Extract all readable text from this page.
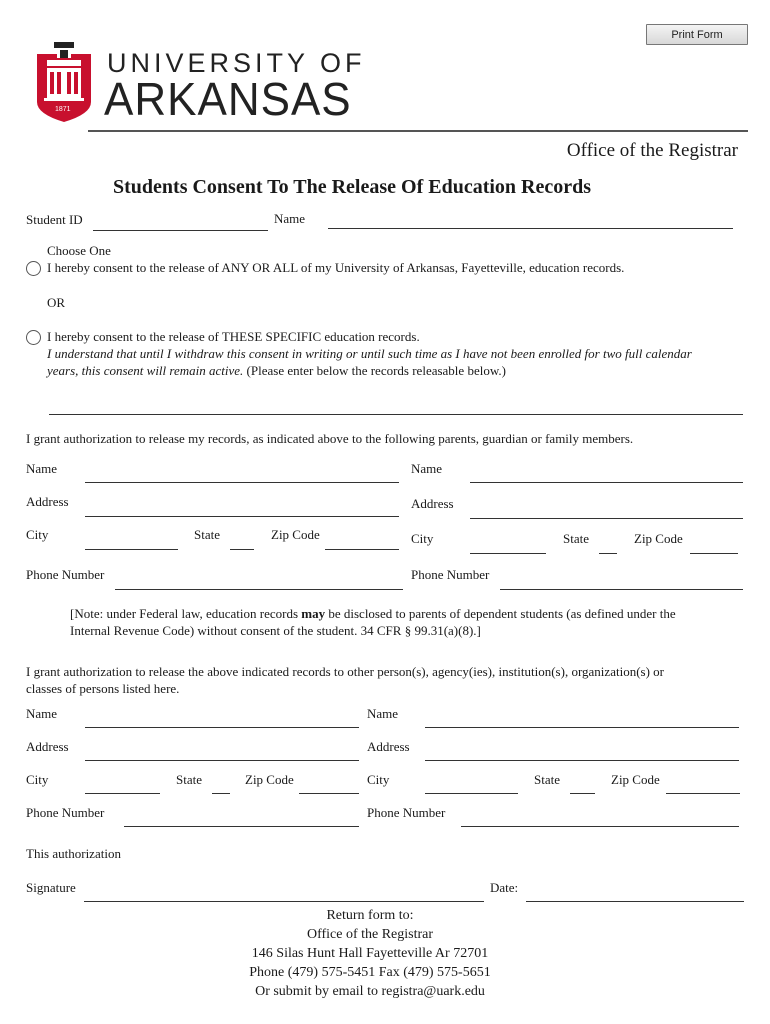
Print Form
1871
UNIVERSITY OF
ARKANSAS
Office of the Registrar
Students Consent To The Release Of Education Records
Student ID	Name
Choose One
I hereby consent to the release of ANY OR ALL of my University of Arkansas, Fayetteville, education records.
OR
I hereby consent to the release of THESE SPECIFIC education records.
I understand that until I withdraw this consent in writing or until such time as I have not been enrolled for two full calendar
years, this consent will remain active. (Please enter below the records releasable below.)
I grant authorization to release my records, as indicated above to the following parents, guardian or family members.
Name	Name
Address	Address
City	State	Zip Code	City	State	Zip Code
Phone Number	Phone Number
[Note: under Federal law, education records may be disclosed to parents of dependent students (as defined under the
Internal Revenue Code) without consent of the student. 34 CFR § 99.31(a)(8).]
I grant authorization to release the above indicated records to other person(s), agency(ies), institution(s), organization(s) or
classes of persons listed here.
Name	Name
Address	Address
City	State	Zip Code	City	State	Zip Code
Phone Number	Phone Number
This authorization
Signature	Date:
Return form to:
Office of the Registrar
146 Silas Hunt Hall Fayetteville Ar 72701
Phone (479) 575-5451 Fax (479) 575-5651
Or submit by email to registra@uark.edu
